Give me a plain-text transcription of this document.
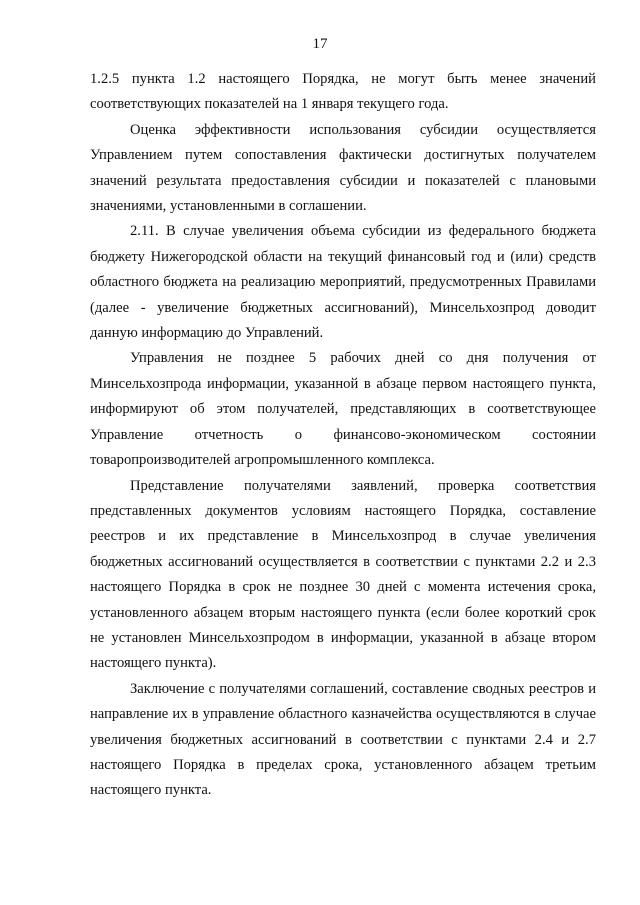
17

1.2.5 пункта 1.2 настоящего Порядка, не могут быть менее значений соответствующих показателей на 1 января текущего года.

Оценка эффективности использования субсидии осуществляется Управлением путем сопоставления фактически достигнутых получателем значений результата предоставления субсидии и показателей с плановыми значениями, установленными в соглашении.

2.11. В случае увеличения объема субсидии из федерального бюджета бюджету Нижегородской области на текущий финансовый год и (или) средств областного бюджета на реализацию мероприятий, предусмотренных Правилами (далее - увеличение бюджетных ассигнований), Минсельхозпрод доводит данную информацию до Управлений.

Управления не позднее 5 рабочих дней со дня получения от Минсельхозпрода информации, указанной в абзаце первом настоящего пункта, информируют об этом получателей, представляющих в соответствующее Управление отчетность о финансово-экономическом состоянии товаропроизводителей агропромышленного комплекса.

Представление получателями заявлений, проверка соответствия представленных документов условиям настоящего Порядка, составление реестров и их представление в Минсельхозпрод в случае увеличения бюджетных ассигнований осуществляется в соответствии с пунктами 2.2 и 2.3 настоящего Порядка в срок не позднее 30 дней с момента истечения срока, установленного абзацем вторым настоящего пункта (если более короткий срок не установлен Минсельхозпродом в информации, указанной в абзаце втором настоящего пункта).

Заключение с получателями соглашений, составление сводных реестров и направление их в управление областного казначейства осуществляются в случае увеличения бюджетных ассигнований в соответствии с пунктами 2.4 и 2.7 настоящего Порядка в пределах срока, установленного абзацем третьим настоящего пункта.
